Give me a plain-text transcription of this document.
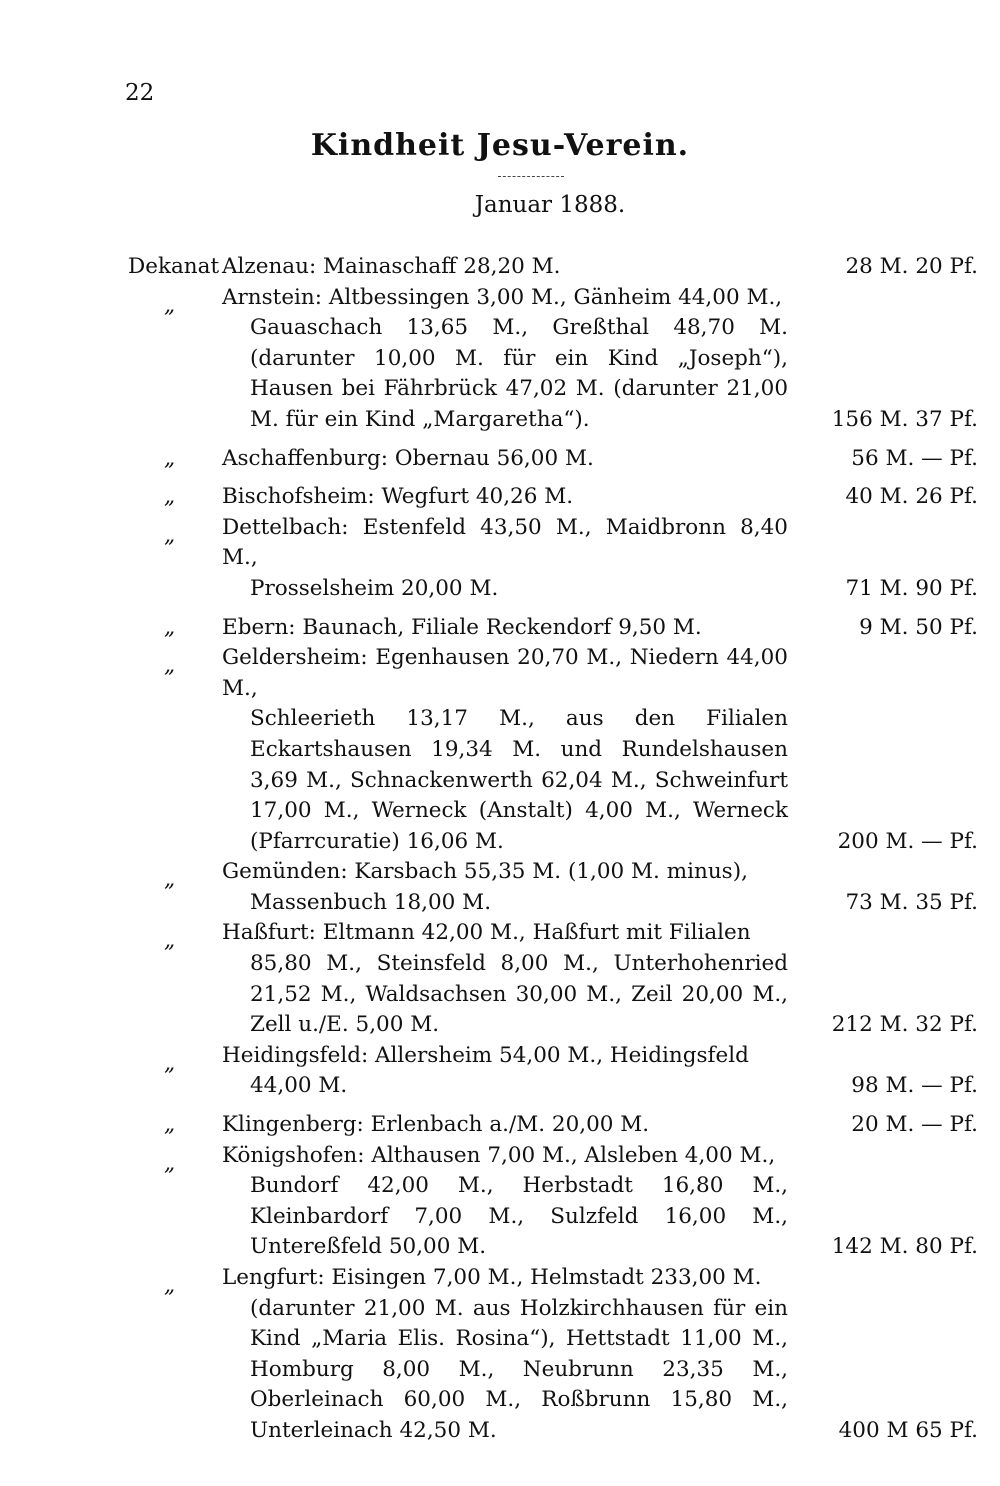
22
Kindheit Jesu-Verein.
Januar 1888.
Dekanat Alzenau: Mainaschaff 28,20 M.	28 M. 20 Pf.
„	Arnstein: Altbessingen 3,00 M., Gänheim 44,00 M.,
Gauaschach 13,65 M., Greßthal 48,70 M. (darunter 10,00 M. für ein Kind „Joseph“), Hausen bei Fährbrück 47,02 M. (darunter 21,00 M. für ein Kind „Margaretha“).	156 M. 37 Pf.
„	Aschaffenburg: Obernau 56,00 M.	56 M. — Pf.
„	Bischofsheim: Wegfurt 40,26 M.	40 M. 26 Pf.
„	Dettelbach: Estenfeld 43,50 M., Maidbronn 8,40 M.,
Prosselsheim 20,00 M.	71 M. 90 Pf.
„	Ebern: Baunach, Filiale Reckendorf 9,50 M.	9 M. 50 Pf.
„	Geldersheim: Egenhausen 20,70 M., Niedern 44,00 M.,
Schleerieth 13,17 M., aus den Filialen Eckartshausen 19,34 M. und Rundelshausen 3,69 M., Schnackenwerth 62,04 M., Schweinfurt 17,00 M., Werneck (Anstalt) 4,00 M., Werneck (Pfarrcuratie) 16,06 M.	200 M. — Pf.
„	Gemünden: Karsbach 55,35 M. (1,00 M. minus),
Massenbuch 18,00 M.	73 M. 35 Pf.
„	Haßfurt: Eltmann 42,00 M., Haßfurt mit Filialen
85,80 M., Steinsfeld 8,00 M., Unterhohenried 21,52 M., Waldsachsen 30,00 M., Zeil 20,00 M., Zell u./E. 5,00 M.	212 M. 32 Pf.
„	Heidingsfeld: Allersheim 54,00 M., Heidingsfeld
44,00 M.	98 M. — Pf.
„	Klingenberg: Erlenbach a./M. 20,00 M.	20 M. — Pf.
„	Königshofen: Althausen 7,00 M., Alsleben 4,00 M.,
Bundorf 42,00 M., Herbstadt 16,80 M., Kleinbardorf 7,00 M., Sulzfeld 16,00 M., Untereßfeld 50,00 M.	142 M. 80 Pf.
„	Lengfurt: Eisingen 7,00 M., Helmstadt 233,00 M.
(darunter 21,00 M. aus Holzkirchhausen für ein Kind „Maria Elis. Rosina“), Hettstadt 11,00 M., Homburg 8,00 M., Neubrunn 23,35 M., Oberleinach 60,00 M., Roßbrunn 15,80 M., Unterleinach 42,50 M.	400 M 65 Pf.
